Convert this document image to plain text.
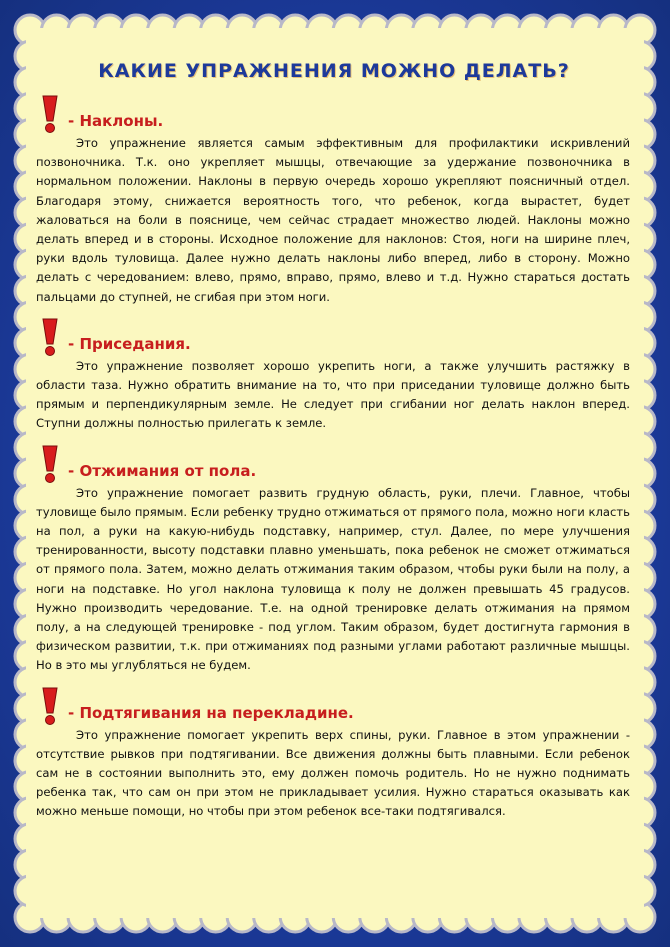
КАКИЕ УПРАЖНЕНИЯ МОЖНО ДЕЛАТЬ?
- Наклоны.

Это упражнение является самым эффективным для профилактики искривлений позвоночника. Т.к. оно укрепляет мышцы, отвечающие за удержание позвоночника в нормальном положении. Наклоны в первую очередь хорошо укрепляют поясничный отдел. Благодаря этому, снижается вероятность того, что ребенок, когда вырастет, будет жаловаться на боли в пояснице, чем сейчас страдает множество людей. Наклоны можно делать вперед и в стороны. Исходное положение для наклонов: Стоя, ноги на ширине плеч, руки вдоль туловища. Далее нужно делать наклоны либо вперед, либо в сторону. Можно делать с чередованием: влево, прямо, вправо, прямо, влево и т.д. Нужно стараться достать пальцами до ступней, не сгибая при этом ноги.

- Приседания.

Это упражнение позволяет хорошо укрепить ноги, а также улучшить растяжку в области таза. Нужно обратить внимание на то, что при приседании туловище должно быть прямым и перпендикулярным земле. Не следует при сгибании ног делать наклон вперед. Ступни должны полностью прилегать к земле.

- Отжимания от пола.

Это упражнение помогает развить грудную область, руки, плечи. Главное, чтобы туловище было прямым. Если ребенку трудно отжиматься от прямого пола, можно ноги класть на пол, а руки на какую-нибудь подставку, например, стул. Далее, по мере улучшения тренированности, высоту подставки плавно уменьшать, пока ребенок не сможет отжиматься от прямого пола. Затем, можно делать отжимания таким образом, чтобы руки были на полу, а ноги на подставке. Но угол наклона туловища к полу не должен превышать 45 градусов. Нужно производить чередование. Т.е. на одной тренировке делать отжимания на прямом полу, а на следующей тренировке - под углом. Таким образом, будет достигнута гармония в физическом развитии, т.к. при отжиманиях под разными углами работают различные мышцы. Но в это мы углубляться не будем.

- Подтягивания на перекладине.

Это упражнение помогает укрепить верх спины, руки. Главное в этом упражнении - отсутствие рывков при подтягивании. Все движения должны быть плавными. Если ребенок сам не в состоянии выполнить это, ему должен помочь родитель. Но не нужно поднимать ребенка так, что сам он при этом не прикладывает усилия. Нужно стараться оказывать как можно меньше помощи, но чтобы при этом ребенок все-таки подтягивался.
